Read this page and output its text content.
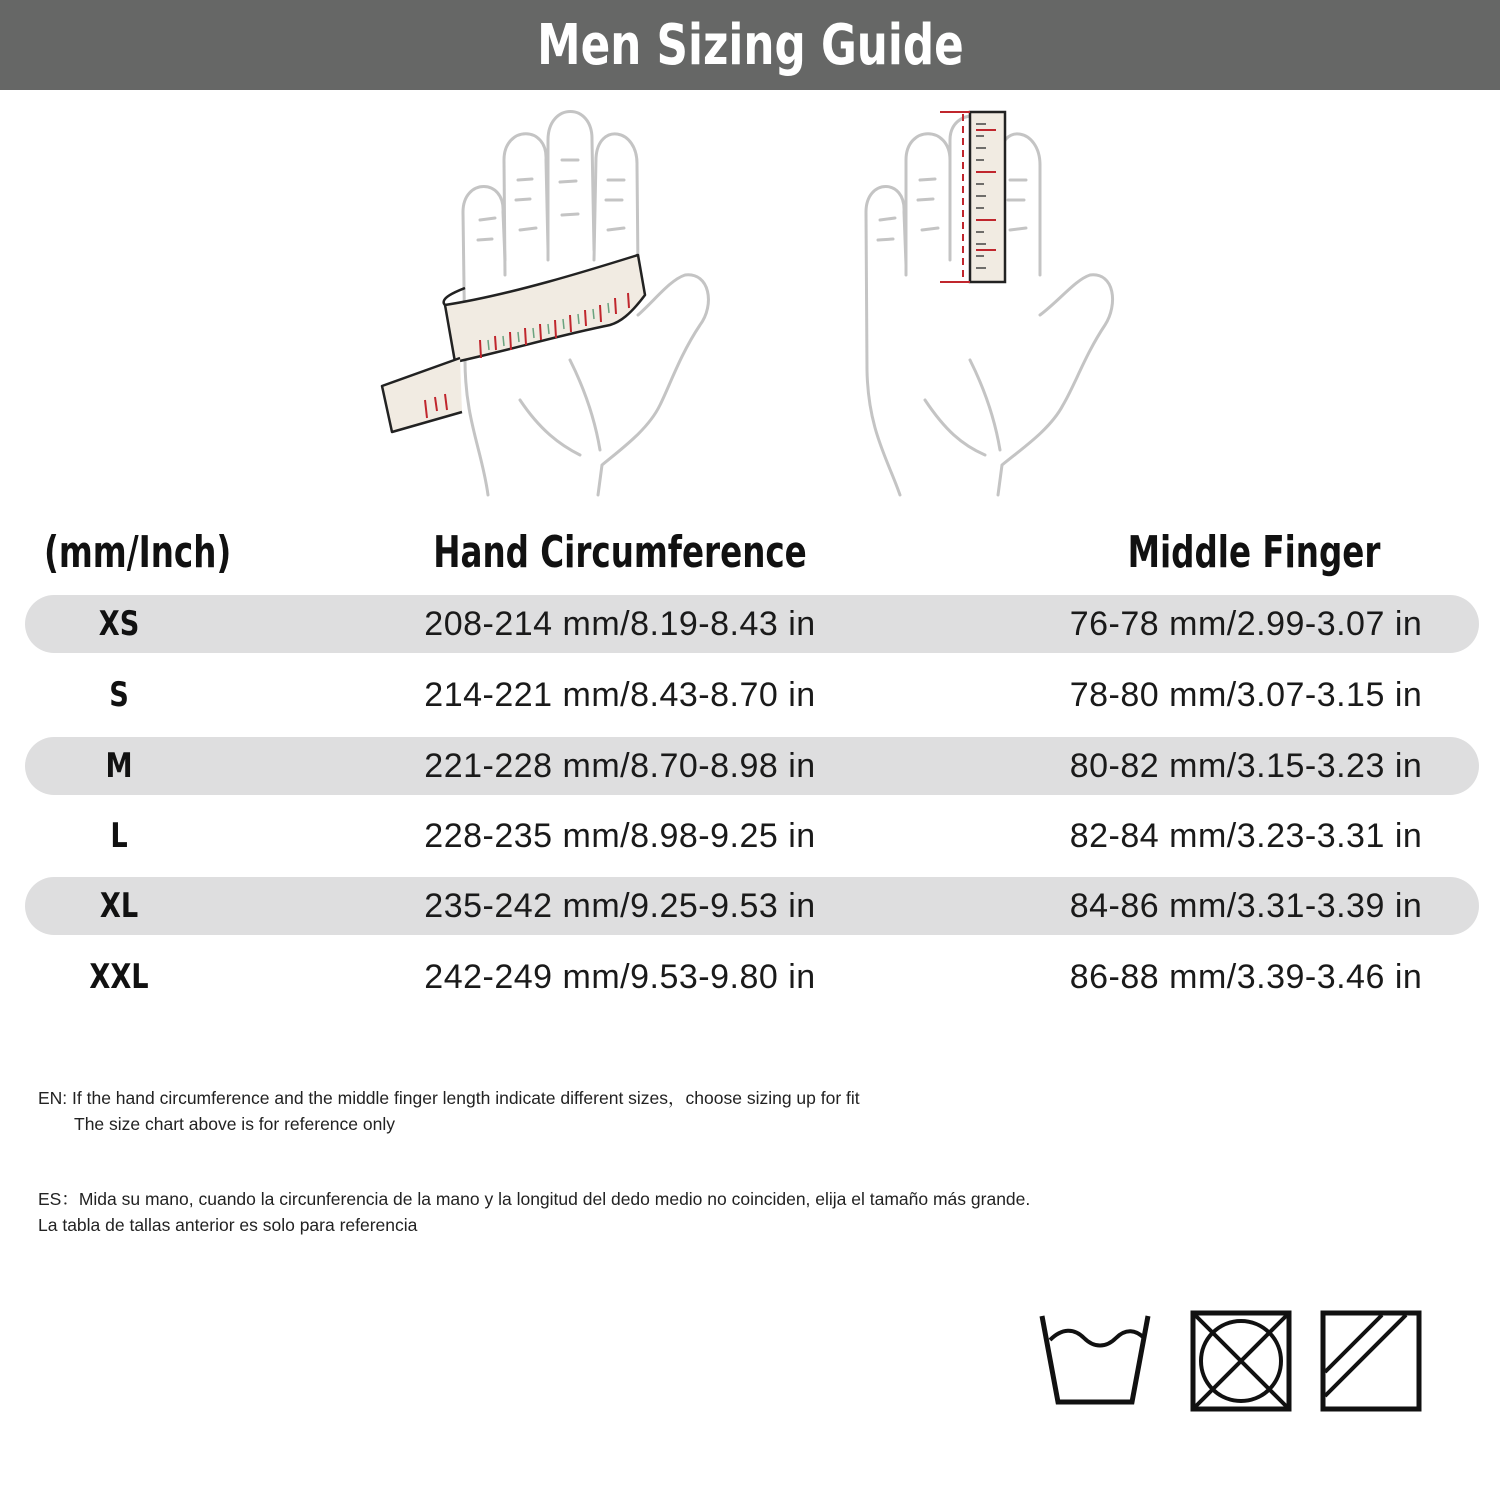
Men Sizing Guide
(mm/Inch)	Hand Circumference	Middle Finger
XS	208-214 mm/8.19-8.43 in	76-78 mm/2.99-3.07 in
S	214-221 mm/8.43-8.70 in	78-80 mm/3.07-3.15 in
M	221-228 mm/8.70-8.98 in	80-82 mm/3.15-3.23 in
L	228-235 mm/8.98-9.25 in	82-84 mm/3.23-3.31 in
XL	235-242 mm/9.25-9.53 in	84-86 mm/3.31-3.39 in
XXL	242-249 mm/9.53-9.80 in	86-88 mm/3.39-3.46 in

EN: If the hand circumference and the middle finger length indicate different sizes，choose sizing up for fit

The size chart above is for reference only

ES：Mida su mano, cuando la circunferencia de la mano y la longitud del dedo medio no coinciden, elija el tamaño más grande.

La tabla de tallas anterior es solo para referencia
